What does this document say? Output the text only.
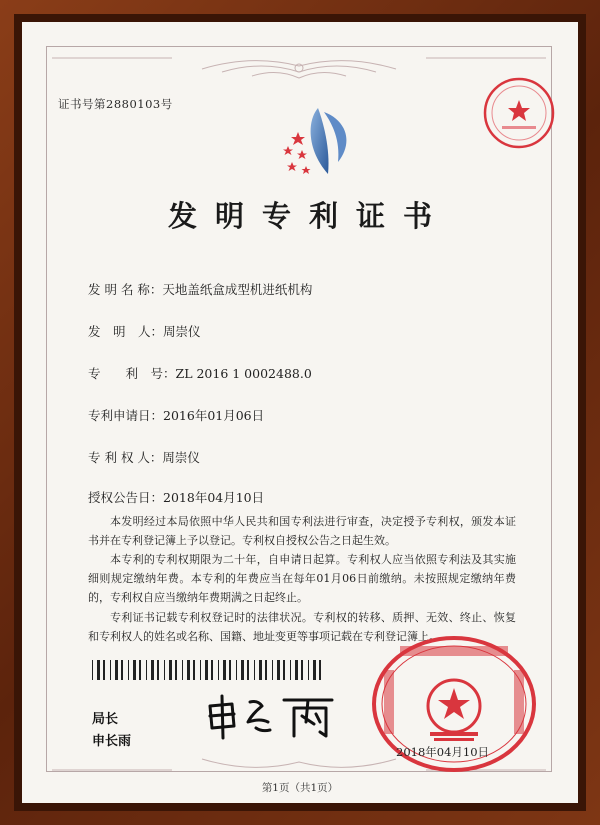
证书号第2880103号
发明专利证书
发 明 名 称：天地盖纸盒成型机进纸机构
发　明　人：周崇仪
专　　利　号：ZL 2016 1 0002488.0
专利申请日：2016年01月06日
专 利 权 人：周崇仪
授权公告日：2018年04月10日
本发明经过本局依照中华人民共和国专利法进行审查，决定授予专利权，颁发本证书并在专利登记簿上予以登记。专利权自授权公告之日起生效。
本专利的专利权期限为二十年，自申请日起算。专利权人应当依照专利法及其实施细则规定缴纳年费。本专利的年费应当在每年01月06日前缴纳。未按照规定缴纳年费的，专利权自应当缴纳年费期满之日起终止。
专利证书记载专利权登记时的法律状况。专利权的转移、质押、无效、终止、恢复和专利权人的姓名或名称、国籍、地址变更等事项记载在专利登记簿上。
局长
申长雨
2018年04月10日
第1页（共1页）
